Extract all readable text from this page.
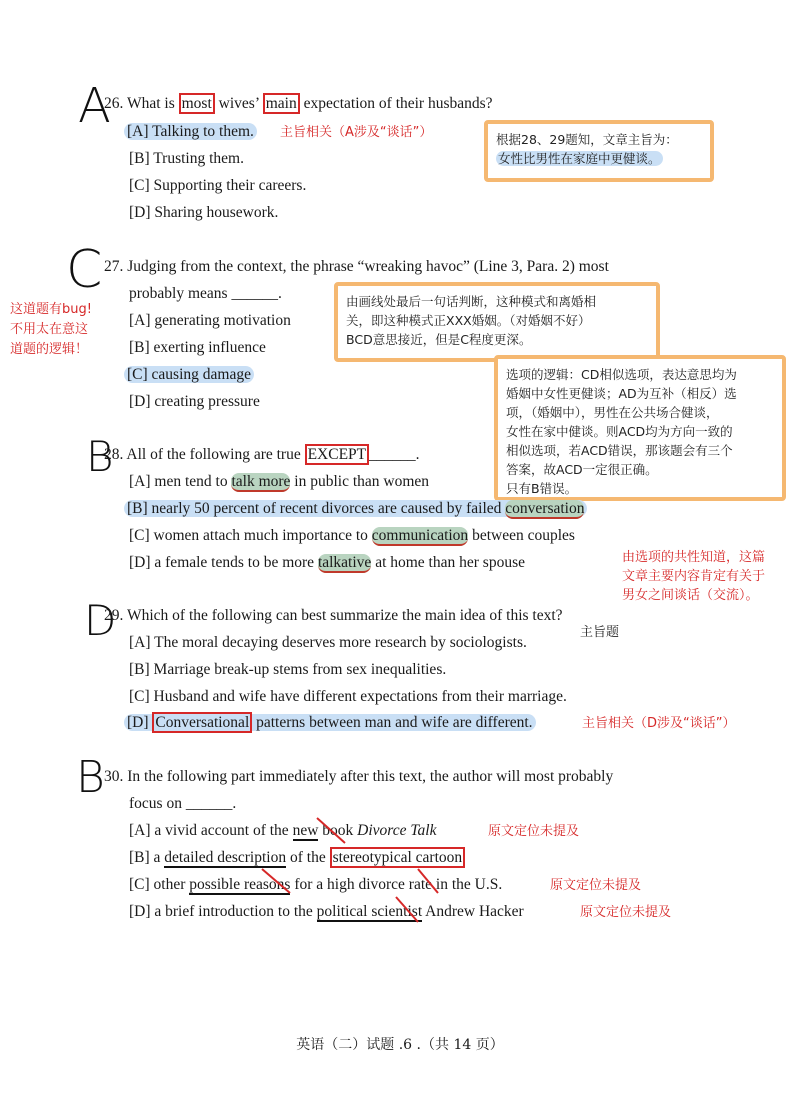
A
26. What is most wives’ main expectation of their husbands?
[A] Talking to them. 主旨相关（A涉及“谈话”）
[B] Trusting them.
[C] Supporting their careers.
[D] Sharing housework.
根据28、29题知，文章主旨为：
女性比男性在家庭中更健谈。
C
这道题有bug!
不用太在意这
道题的逻辑！
27. Judging from the context, the phrase “wreaking havoc” (Line 3, Para. 2) most
probably means ______.
[A] generating motivation
[B] exerting influence
[C] causing damage
[D] creating pressure
由画线处最后一句话判断，这种模式和离婚相
关，即这种模式正XXX婚姻。（对婚姻不好）
BCD意思接近，但是C程度更深。
选项的逻辑：CD相似选项，表达意思均为
婚姻中女性更健谈；AD为互补（相反）选
项，（婚姻中），男性在公共场合健谈，
女性在家中健谈。则ACD均为方向一致的
相似选项，若ACD错误，那该题会有三个
答案，故ACD一定很正确。
只有B错误。
B
28. All of the following are true EXCEPT ______.
[A] men tend to talk more in public than women
[B] nearly 50 percent of recent divorces are caused by failed conversation
[C] women attach much importance to communication between couples
[D] a female tends to be more talkative at home than her spouse	由选项的共性知道，这篇
文章主要内容肯定有关于
男女之间谈话（交流）。
D
29. Which of the following can best summarize the main idea of this text?
主旨题
[A] The moral decaying deserves more research by sociologists.
[B] Marriage break-up stems from sex inequalities.
[C] Husband and wife have different expectations from their marriage.
[D] Conversational patterns between man and wife are different.	主旨相关（D涉及“谈话”）
B 30. In the following part immediately after this text, the author will most probably
focus on ______.
[A] a vivid account of the new book Divorce Talk	原文定位未提及
[B] a detailed description of the stereotypical cartoon
[C] other possible reasons for a high divorce rate in the U.S.	原文定位未提及
[D] a brief introduction to the political scientist Andrew Hacker	原文定位未提及
英语（二）试题 .6 .（共 14 页）
